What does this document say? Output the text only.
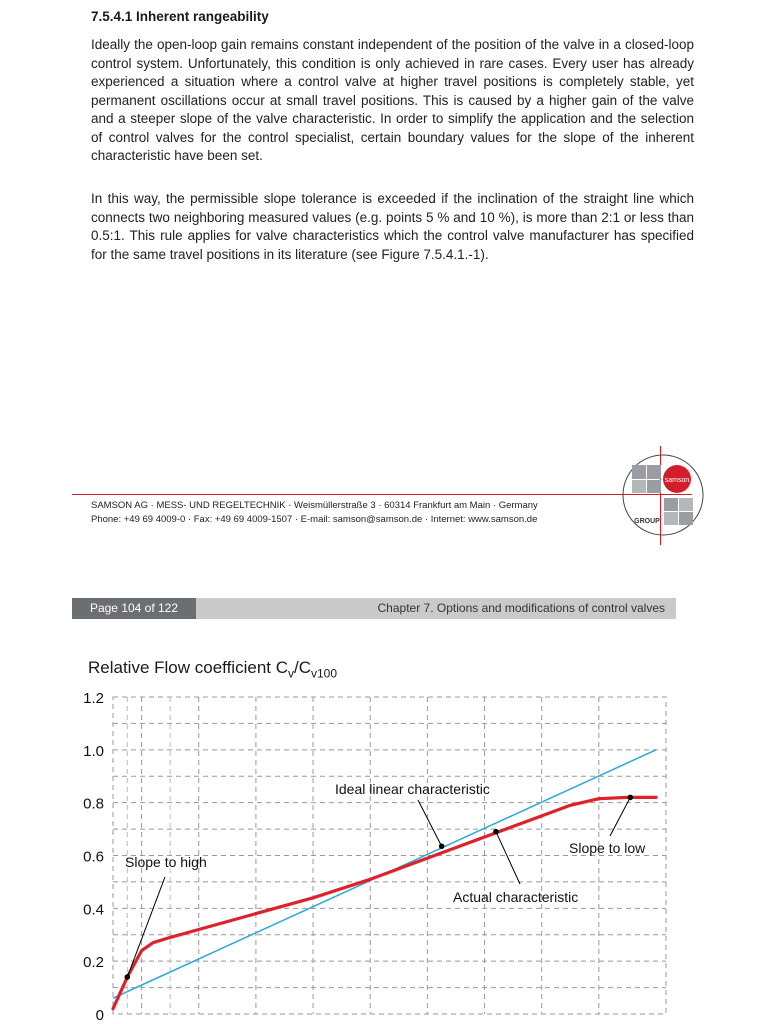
7.5.4.1 Inherent rangeability

Ideally the open-loop gain remains constant independent of the position of the valve in a closed-loop control system. Unfortunately, this condition is only achieved in rare cases. Every user has already experienced a situation where a control valve at higher travel positions is completely stable, yet permanent oscillations occur at small travel positions. This is caused by a higher gain of the valve and a steeper slope of the valve characteristic. In order to simplify the application and the selection of control valves for the control specialist, certain boundary values for the slope of the inherent characteristic have been set.

In this way, the permissible slope tolerance is exceeded if the inclination of the straight line which connects two neighboring measured values (e.g. points 5 % and 10 %), is more than 2:1 or less than 0.5:1. This rule applies for valve characteristics which the control valve manufacturer has specified for the same travel positions in its literature (see Figure 7.5.4.1.-1).

SAMSON AG · MESS- UND REGELTECHNIK · Weismüllerstraße 3 · 60314 Frankfurt am Main · Germany
Phone: +49 69 4009-0 · Fax: +49 69 4009-1507 · E-mail: samson@samson.de · Internet: www.samson.de
samson
GROUP
Page 104 of 122	Chapter 7. Options and modifications of control valves
Relative Flow coefficient $C_v/C_{v100}$
1.2
1.0
0.8
0.6
0.4
0.2
0
Slope to high
Ideal linear characteristic
Actual characteristic
Slope to low
